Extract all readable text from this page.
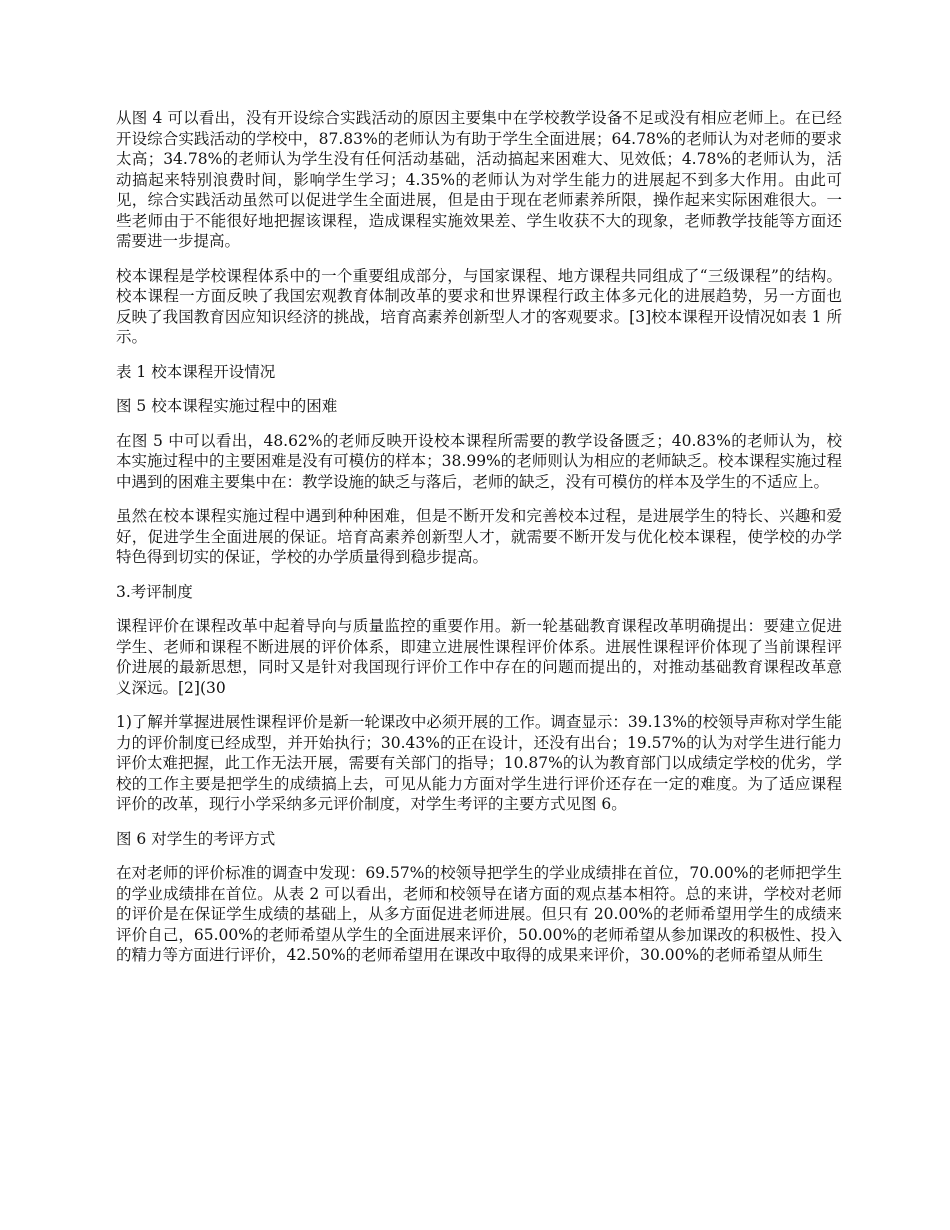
从图 4 可以看出，没有开设综合实践活动的原因主要集中在学校教学设备不足或没有相应老师上。在已经开设综合实践活动的学校中，87.83%的老师认为有助于学生全面进展；64.78%的老师认为对老师的要求太高；34.78%的老师认为学生没有任何活动基础，活动搞起来困难大、见效低；4.78%的老师认为，活动搞起来特别浪费时间，影响学生学习；4.35%的老师认为对学生能力的进展起不到多大作用。由此可见，综合实践活动虽然可以促进学生全面进展，但是由于现在老师素养所限，操作起来实际困难很大。一些老师由于不能很好地把握该课程，造成课程实施效果差、学生收获不大的现象，老师教学技能等方面还需要进一步提高。

校本课程是学校课程体系中的一个重要组成部分，与国家课程、地方课程共同组成了“三级课程”的结构。校本课程一方面反映了我国宏观教育体制改革的要求和世界课程行政主体多元化的进展趋势，另一方面也反映了我国教育因应知识经济的挑战，培育高素养创新型人才的客观要求。[3]校本课程开设情况如表 1 所示。

表 1 校本课程开设情况

图 5 校本课程实施过程中的困难

在图 5 中可以看出，48.62%的老师反映开设校本课程所需要的教学设备匮乏；40.83%的老师认为，校本实施过程中的主要困难是没有可模仿的样本；38.99%的老师则认为相应的老师缺乏。校本课程实施过程中遇到的困难主要集中在：教学设施的缺乏与落后，老师的缺乏，没有可模仿的样本及学生的不适应上。

虽然在校本课程实施过程中遇到种种困难，但是不断开发和完善校本过程，是进展学生的特长、兴趣和爱好，促进学生全面进展的保证。培育高素养创新型人才，就需要不断开发与优化校本课程，使学校的办学特色得到切实的保证，学校的办学质量得到稳步提高。

3.考评制度

课程评价在课程改革中起着导向与质量监控的重要作用。新一轮基础教育课程改革明确提出：要建立促进学生、老师和课程不断进展的评价体系，即建立进展性课程评价体系。进展性课程评价体现了当前课程评价进展的最新思想，同时又是针对我国现行评价工作中存在的问题而提出的，对推动基础教育课程改革意义深远。[2](30

1)了解并掌握进展性课程评价是新一轮课改中必须开展的工作。调查显示：39.13%的校领导声称对学生能力的评价制度已经成型，并开始执行；30.43%的正在设计，还没有出台；19.57%的认为对学生进行能力评价太难把握，此工作无法开展，需要有关部门的指导；10.87%的认为教育部门以成绩定学校的优劣，学校的工作主要是把学生的成绩搞上去，可见从能力方面对学生进行评价还存在一定的难度。为了适应课程评价的改革，现行小学采纳多元评价制度，对学生考评的主要方式见图 6。

图 6 对学生的考评方式

在对老师的评价标准的调查中发现：69.57%的校领导把学生的学业成绩排在首位，70.00%的老师把学生的学业成绩排在首位。从表 2 可以看出，老师和校领导在诸方面的观点基本相符。总的来讲，学校对老师的评价是在保证学生成绩的基础上，从多方面促进老师进展。但只有 20.00%的老师希望用学生的成绩来评价自己，65.00%的老师希望从学生的全面进展来评价，50.00%的老师希望从参加课改的积极性、投入的精力等方面进行评价，42.50%的老师希望用在课改中取得的成果来评价，30.00%的老师希望从师生
